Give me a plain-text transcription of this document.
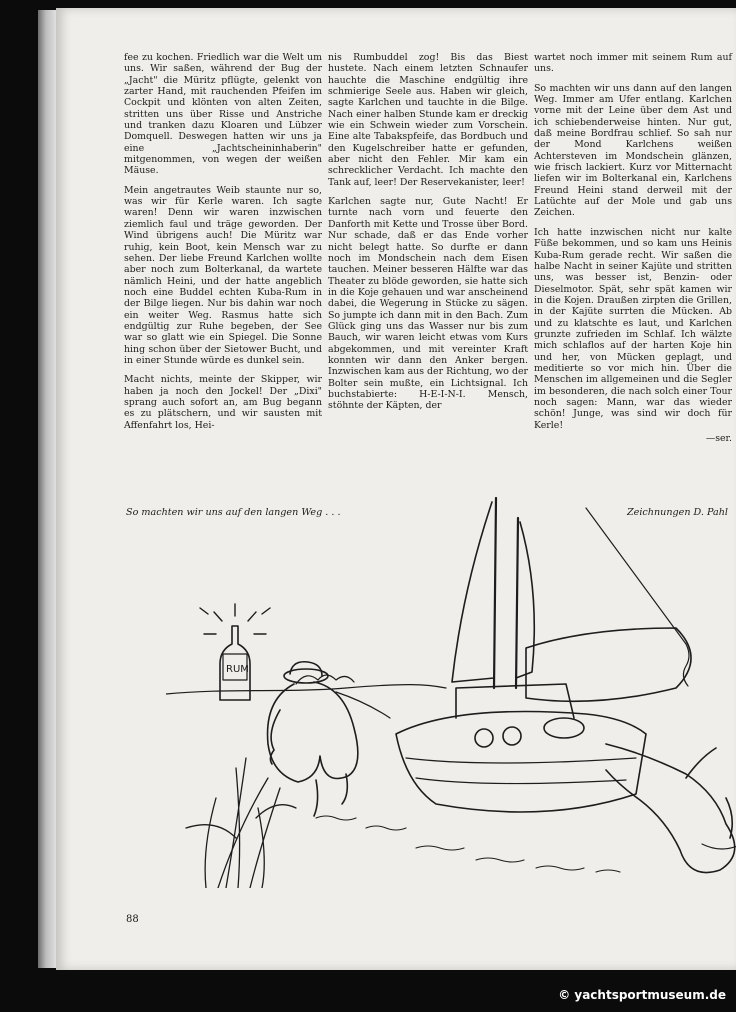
fee zu kochen. Friedlich war die Welt um uns. Wir saßen, während der Bug der „Jacht" die Müritz pflügte, gelenkt von zarter Hand, mit rauchenden Pfeifen im Cockpit und klönten von alten Zeiten, stritten uns über Risse und Anstriche und tranken dazu Kloaren und Lübzer Domquell. Deswegen hatten wir uns ja eine „Jachtscheininhaberin" mitgenommen, von wegen der weißen Mäuse.

Mein angetrautes Weib staunte nur so, was wir für Kerle waren. Ich sagte waren! Denn wir waren inzwischen ziemlich faul und träge geworden. Der Wind übrigens auch! Die Müritz war ruhig, kein Boot, kein Mensch war zu sehen. Der liebe Freund Karlchen wollte aber noch zum Bolterkanal, da wartete nämlich Heini, und der hatte angeblich noch eine Buddel echten Kuba-Rum in der Bilge liegen. Nur bis dahin war noch ein weiter Weg. Rasmus hatte sich endgültig zur Ruhe begeben, der See war so glatt wie ein Spiegel. Die Sonne hing schon über der Sietower Bucht, und in einer Stunde würde es dunkel sein.

Macht nichts, meinte der Skipper, wir haben ja noch den Jockel! Der „Dixi" sprang auch sofort an, am Bug begann es zu plätschern, und wir sausten mit Affenfahrt los, Hei-

nis Rumbuddel zog! Bis das Biest hustete. Nach einem letzten Schnaufer hauchte die Maschine endgültig ihre schmierige Seele aus. Haben wir gleich, sagte Karlchen und tauchte in die Bilge. Nach einer halben Stunde kam er dreckig wie ein Schwein wieder zum Vorschein. Eine alte Tabakspfeife, das Bordbuch und den Kugelschreiber hatte er gefunden, aber nicht den Fehler. Mir kam ein schrecklicher Verdacht. Ich machte den Tank auf, leer! Der Reservekanister, leer!

Karlchen sagte nur, Gute Nacht! Er turnte nach vorn und feuerte den Danforth mit Kette und Trosse über Bord. Nur schade, daß er das Ende vorher nicht belegt hatte. So durfte er dann noch im Mondschein nach dem Eisen tauchen. Meiner besseren Hälfte war das Theater zu blöde geworden, sie hatte sich in die Koje gehauen und war anscheinend dabei, die Wegerung in Stücke zu sägen. So jumpte ich dann mit in den Bach. Zum Glück ging uns das Wasser nur bis zum Bauch, wir waren leicht etwas vom Kurs abgekommen, und mit vereinter Kraft konnten wir dann den Anker bergen. Inzwischen kam aus der Richtung, wo der Bolter sein mußte, ein Lichtsignal. Ich buchstabierte: H-E-I-N-I. Mensch, stöhnte der Käpten, der

wartet noch immer mit seinem Rum auf uns.

So machten wir uns dann auf den langen Weg. Immer am Ufer entlang. Karlchen vorne mit der Leine über dem Ast und ich schiebenderweise hinten. Nur gut, daß meine Bordfrau schlief. So sah nur der Mond Karlchens weißen Achtersteven im Mondschein glänzen, wie frisch lackiert. Kurz vor Mitternacht liefen wir im Bolterkanal ein, Karlchens Freund Heini stand derweil mit der Latüchte auf der Mole und gab uns Zeichen.

Ich hatte inzwischen nicht nur kalte Füße bekommen, und so kam uns Heinis Kuba-Rum gerade recht. Wir saßen die halbe Nacht in seiner Kajüte und stritten uns, was besser ist, Benzin- oder Dieselmotor. Spät, sehr spät kamen wir in die Kojen. Draußen zirpten die Grillen, in der Kajüte surrten die Mücken. Ab und zu klatschte es laut, und Karlchen grunzte zufrieden im Schlaf. Ich wälzte mich schlaflos auf der harten Koje hin und her, von Mücken geplagt, und meditierte so vor mich hin. Über die Menschen im allgemeinen und die Segler im besonderen, die nach solch einer Tour noch sagen: Mann, war das wieder schön! Junge, was sind wir doch für Kerle!

—ser.
So machten wir uns auf den langen Weg . . .	Zeichnungen D. Pahl
RUM
88
© yachtsportmuseum.de
